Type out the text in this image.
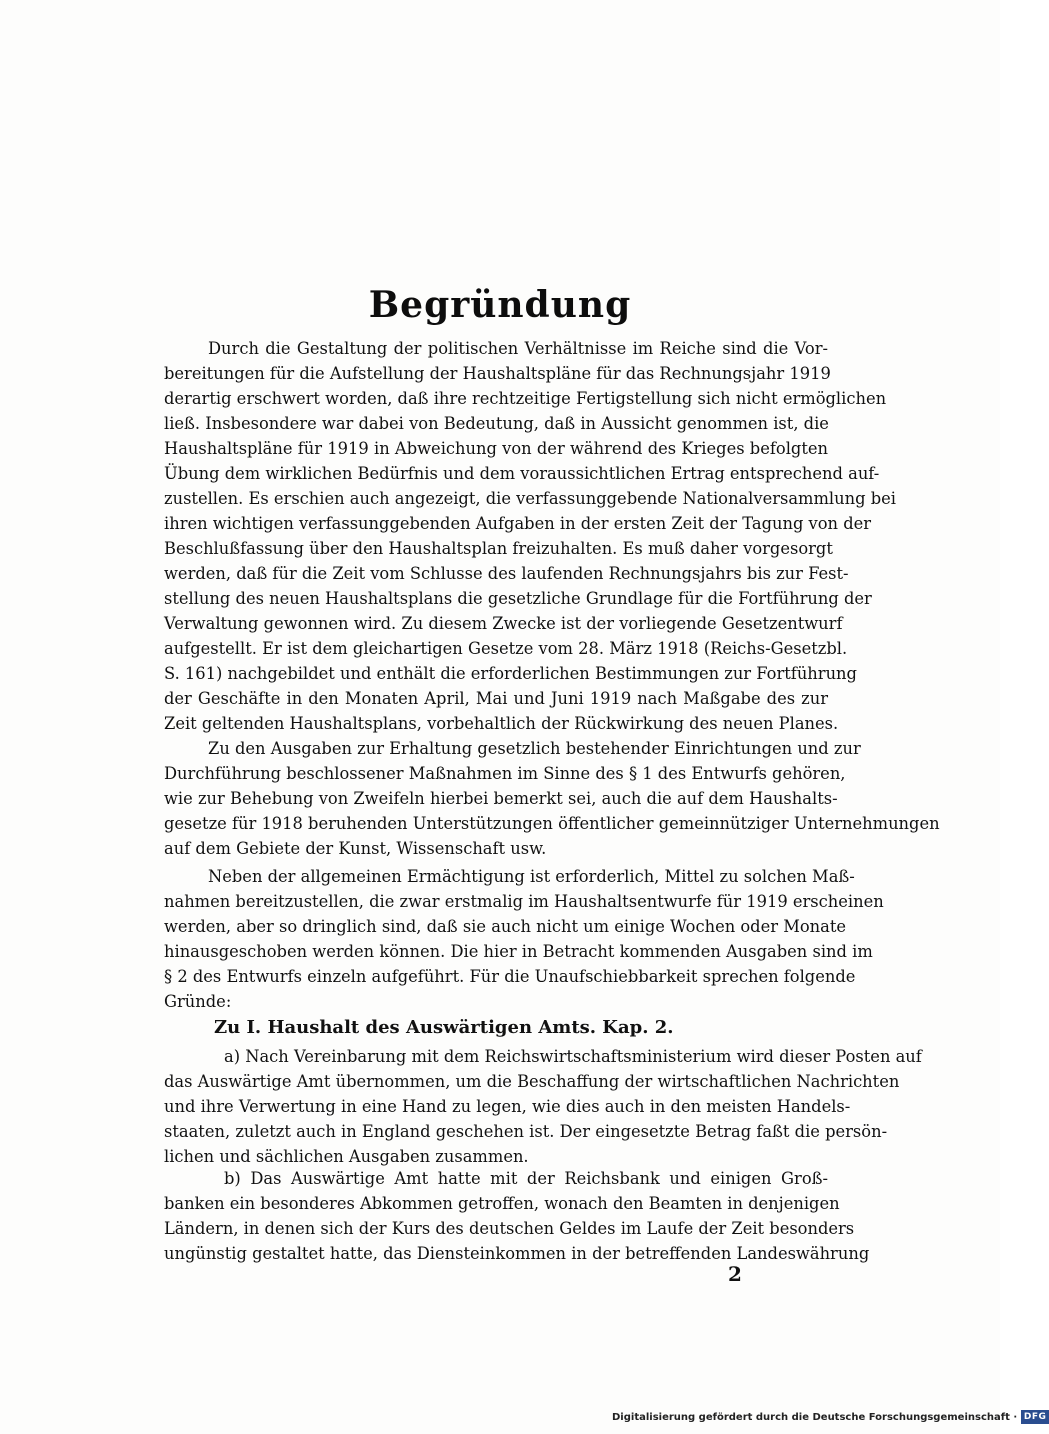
Begründung
Durch die Gestaltung der politischen Verhältnisse im Reiche sind die Vor-
bereitungen für die Aufstellung der Haushaltspläne für das Rechnungsjahr 1919
derartig erschwert worden, daß ihre rechtzeitige Fertigstellung sich nicht ermöglichen
ließ. Insbesondere war dabei von Bedeutung, daß in Aussicht genommen ist, die
Haushaltspläne für 1919 in Abweichung von der während des Krieges befolgten
Übung dem wirklichen Bedürfnis und dem voraussichtlichen Ertrag entsprechend auf-
zustellen. Es erschien auch angezeigt, die verfassunggebende Nationalversammlung bei
ihren wichtigen verfassunggebenden Aufgaben in der ersten Zeit der Tagung von der
Beschlußfassung über den Haushaltsplan freizuhalten. Es muß daher vorgesorgt
werden, daß für die Zeit vom Schlusse des laufenden Rechnungsjahrs bis zur Fest-
stellung des neuen Haushaltsplans die gesetzliche Grundlage für die Fortführung der
Verwaltung gewonnen wird. Zu diesem Zwecke ist der vorliegende Gesetzentwurf
aufgestellt. Er ist dem gleichartigen Gesetze vom 28. März 1918 (Reichs-Gesetzbl.
S. 161) nachgebildet und enthält die erforderlichen Bestimmungen zur Fortführung
der Geschäfte in den Monaten April, Mai und Juni 1919 nach Maßgabe des zur
Zeit geltenden Haushaltsplans, vorbehaltlich der Rückwirkung des neuen Planes.
Zu den Ausgaben zur Erhaltung gesetzlich bestehender Einrichtungen und zur
Durchführung beschlossener Maßnahmen im Sinne des § 1 des Entwurfs gehören,
wie zur Behebung von Zweifeln hierbei bemerkt sei, auch die auf dem Haushalts-
gesetze für 1918 beruhenden Unterstützungen öffentlicher gemeinnütziger Unternehmungen
auf dem Gebiete der Kunst, Wissenschaft usw.
Neben der allgemeinen Ermächtigung ist erforderlich, Mittel zu solchen Maß-
nahmen bereitzustellen, die zwar erstmalig im Haushaltsentwurfe für 1919 erscheinen
werden, aber so dringlich sind, daß sie auch nicht um einige Wochen oder Monate
hinausgeschoben werden können. Die hier in Betracht kommenden Ausgaben sind im
§ 2 des Entwurfs einzeln aufgeführt. Für die Unaufschiebbarkeit sprechen folgende
Gründe:
Zu I. Haushalt des Auswärtigen Amts. Kap. 2.
a) Nach Vereinbarung mit dem Reichswirtschaftsministerium wird dieser Posten auf
das Auswärtige Amt übernommen, um die Beschaffung der wirtschaftlichen Nachrichten
und ihre Verwertung in eine Hand zu legen, wie dies auch in den meisten Handels-
staaten, zuletzt auch in England geschehen ist. Der eingesetzte Betrag faßt die persön-
lichen und sächlichen Ausgaben zusammen.
b) Das Auswärtige Amt hatte mit der Reichsbank und einigen Groß-
banken ein besonderes Abkommen getroffen, wonach den Beamten in denjenigen
Ländern, in denen sich der Kurs des deutschen Geldes im Laufe der Zeit besonders
ungünstig gestaltet hatte, das Diensteinkommen in der betreffenden Landeswährung
2
Digitalisierung gefördert durch die Deutsche Forschungsgemeinschaft · DFG
